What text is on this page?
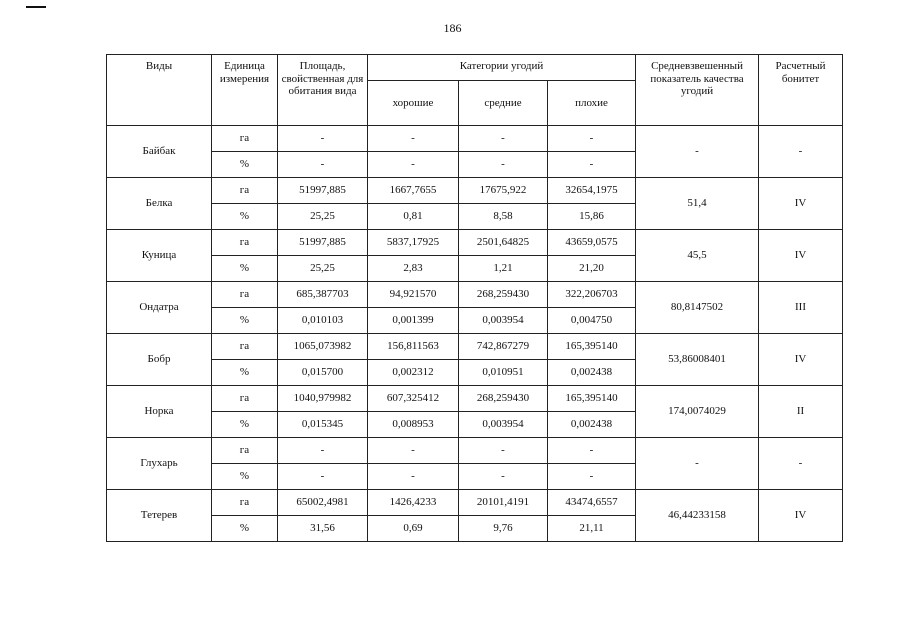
186
Виды	Единица измерения	Площадь, свойственная для обитания вида	Категории угодий			Средневзвешенный показатель качества угодий	Расчетный бонитет
			хорошие	средние	плохие		
Байбак	га	-	-	-	-	-	-
	%	-	-	-	-		
Белка	га	51997,885	1667,7655	17675,922	32654,1975	51,4	IV
	%	25,25	0,81	8,58	15,86		
Куница	га	51997,885	5837,17925	2501,64825	43659,0575	45,5	IV
	%	25,25	2,83	1,21	21,20		
Ондатра	га	685,387703	94,921570	268,259430	322,206703	80,8147502	III
	%	0,010103	0,001399	0,003954	0,004750		
Бобр	га	1065,073982	156,811563	742,867279	165,395140	53,86008401	IV
	%	0,015700	0,002312	0,010951	0,002438		
Норка	га	1040,979982	607,325412	268,259430	165,395140	174,0074029	II
	%	0,015345	0,008953	0,003954	0,002438		
Глухарь	га	-	-	-	-	-	-
	%	-	-	-	-		
Тетерев	га	65002,4981	1426,4233	20101,4191	43474,6557	46,44233158	IV
	%	31,56	0,69	9,76	21,11		
